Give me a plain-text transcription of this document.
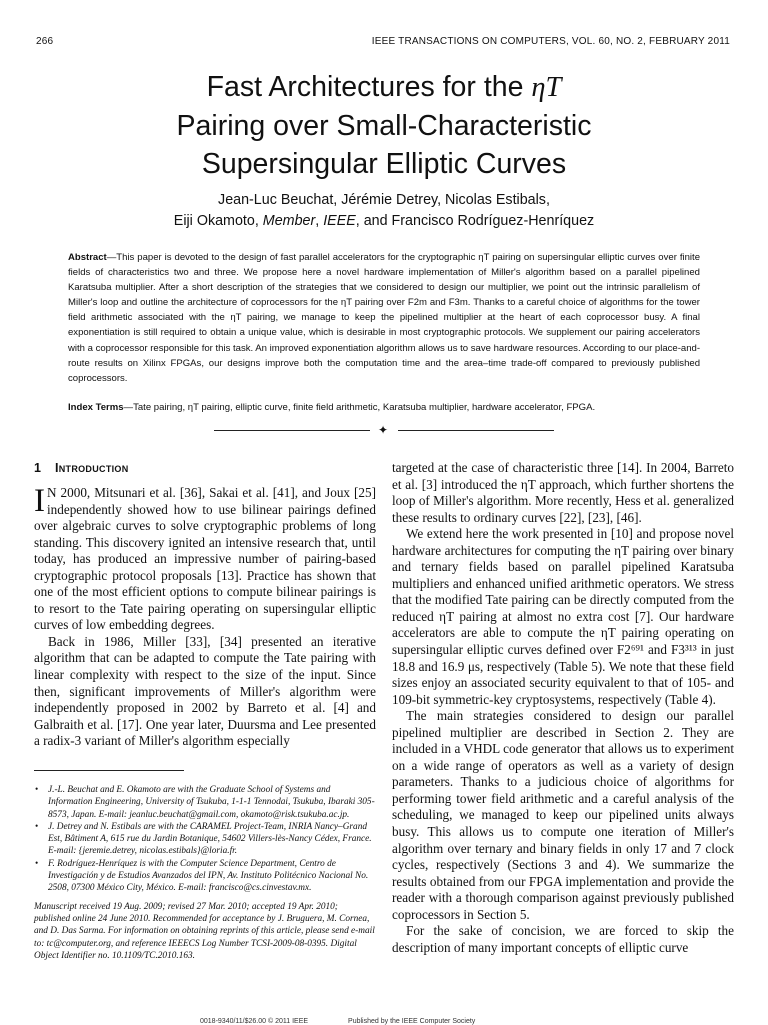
266	IEEE TRANSACTIONS ON COMPUTERS, VOL. 60, NO. 2, FEBRUARY 2011
Fast Architectures for the ηT
Pairing over Small-Characteristic
Supersingular Elliptic Curves
Jean-Luc Beuchat, Jérémie Detrey, Nicolas Estibals,
Eiji Okamoto, Member, IEEE, and Francisco Rodríguez-Henríquez
Abstract—This paper is devoted to the design of fast parallel accelerators for the cryptographic ηT pairing on supersingular elliptic curves over finite fields of characteristics two and three. We propose here a novel hardware implementation of Miller's algorithm based on a parallel pipelined Karatsuba multiplier. After a short description of the strategies that we considered to design our multiplier, we point out the intrinsic parallelism of Miller's loop and outline the architecture of coprocessors for the ηT pairing over F2m and F3m. Thanks to a careful choice of algorithms for the tower field arithmetic associated with the ηT pairing, we manage to keep the pipelined multiplier at the heart of each coprocessor busy. A final exponentiation is still required to obtain a unique value, which is desirable in most cryptographic protocols. We supplement our pairing accelerators with a coprocessor responsible for this task. An improved exponentiation algorithm allows us to save hardware resources. According to our place-and-route results on Xilinx FPGAs, our designs improve both the computation time and the area–time trade-off compared to previously published coprocessors.
Index Terms—Tate pairing, ηT pairing, elliptic curve, finite field arithmetic, Karatsuba multiplier, hardware accelerator, FPGA.
✦
1 Introduction

I N 2000, Mitsunari et al. [36], Sakai et al. [41], and Joux [25] independently showed how to use bilinear pairings defined over algebraic curves to solve cryptographic problems of long standing. This discovery ignited an intensive research that, until today, has produced an impressive number of pairing-based cryptographic protocol proposals [13]. Practice has shown that one of the most efficient options to compute bilinear pairings is to resort to the Tate pairing operating on supersingular elliptic curves of low embedding degrees.

Back in 1986, Miller [33], [34] presented an iterative algorithm that can be adapted to compute the Tate pairing with linear complexity with respect to the size of the input. Since then, significant improvements of Miller's algorithm were independently proposed in 2002 by Barreto et al. [4] and Galbraith et al. [17]. One year later, Duursma and Lee presented a radix-3 variant of Miller's algorithm especially

• J.-L. Beuchat and E. Okamoto are with the Graduate School of Systems and Information Engineering, University of Tsukuba, 1-1-1 Tennodai, Tsukuba, Ibaraki 305-8573, Japan. E-mail: jeanluc.beuchat@gmail.com, okamoto@risk.tsukuba.ac.jp.
• J. Detrey and N. Estibals are with the CARAMEL Project-Team, INRIA Nancy–Grand Est, Bâtiment A, 615 rue du Jardin Botanique, 54602 Villers-lès-Nancy Cédex, France. E-mail: {jeremie.detrey, nicolas.estibals}@loria.fr.
• F. Rodríguez-Henríquez is with the Computer Science Department, Centro de Investigación y de Estudios Avanzados del IPN, Av. Instituto Politécnico Nacional No. 2508, 07300 México City, México. E-mail: francisco@cs.cinvestav.mx.
Manuscript received 19 Aug. 2009; revised 27 Mar. 2010; accepted 19 Apr. 2010; published online 24 June 2010. Recommended for acceptance by J. Bruguera, M. Cornea, and D. Das Sarma. For information on obtaining reprints of this article, please send e-mail to: tc@computer.org, and reference IEEECS Log Number TCSI-2009-08-0395. Digital Object Identifier no. 10.1109/TC.2010.163.

targeted at the case of characteristic three [14]. In 2004, Barreto et al. [3] introduced the ηT approach, which further shortens the loop of Miller's algorithm. More recently, Hess et al. generalized these results to ordinary curves [22], [23], [46].

We extend here the work presented in [10] and propose novel hardware architectures for computing the ηT pairing over binary and ternary fields based on parallel pipelined Karatsuba multipliers and enhanced unified arithmetic operators. We stress that the modified Tate pairing can be directly computed from the reduced ηT pairing at almost no extra cost [7]. Our hardware accelerators are able to compute the ηT pairing operating on supersingular elliptic curves defined over F2⁶⁹¹ and F3³¹³ in just 18.8 and 16.9 μs, respectively (Table 5). We note that these field sizes enjoy an associated security equivalent to that of 105- and 109-bit symmetric-key cryptosystems, respectively (Table 4).

The main strategies considered to design our parallel pipelined multiplier are described in Section 2. They are included in a VHDL code generator that allows us to experiment on a wide range of operators as well as a variety of design parameters. Thanks to a judicious choice of algorithms for performing tower field arithmetic and a careful analysis of the scheduling, we managed to keep our pipelined units always busy. This allows us to compute one iteration of Miller's algorithm over ternary and binary fields in only 17 and 7 clock cycles, respectively (Sections 3 and 4). We summarize the results obtained from our FPGA implementation and provide the reader with a thorough comparison against previously published coprocessors in Section 5.

For the sake of concision, we are forced to skip the description of many important concepts of elliptic curve

0018-9340/11/$26.00 © 2011 IEEE	Published by the IEEE Computer Society
